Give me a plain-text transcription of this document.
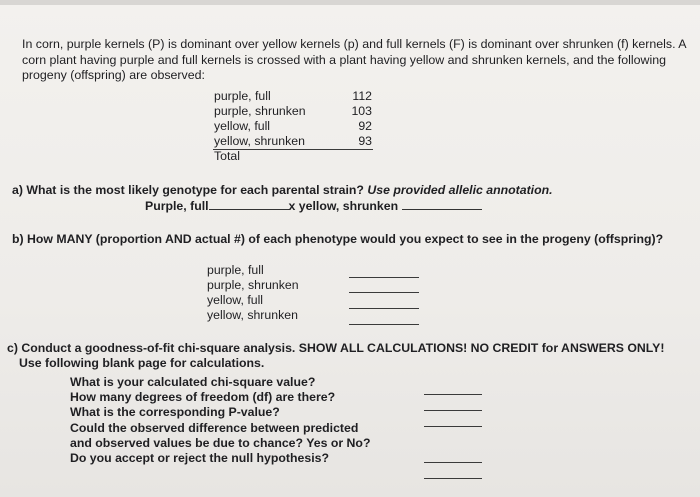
In corn, purple kernels (P) is dominant over yellow kernels (p) and full kernels (F) is dominant over shrunken (f) kernels. A
corn plant having purple and full kernels is crossed with a plant having yellow and shrunken kernels, and the following
progeny (offspring) are observed:
purple, full
purple, shrunken
yellow, full
yellow, shrunken
Total
112
103
92
93
a) What is the most likely genotype for each parental strain? Use provided allelic annotation.
Purple, full	x yellow, shrunken
b) How MANY (proportion AND actual #) of each phenotype would you expect to see in the progeny (offspring)?
purple, full
purple, shrunken
yellow, full
yellow, shrunken
c) Conduct a goodness-of-fit chi-square analysis. SHOW ALL CALCULATIONS! NO CREDIT for ANSWERS ONLY!
Use following blank page for calculations.
What is your calculated chi-square value?
How many degrees of freedom (df) are there?
What is the corresponding P-value?
Could the observed difference between predicted
and observed values be due to chance? Yes or No?
Do you accept or reject the null hypothesis?
